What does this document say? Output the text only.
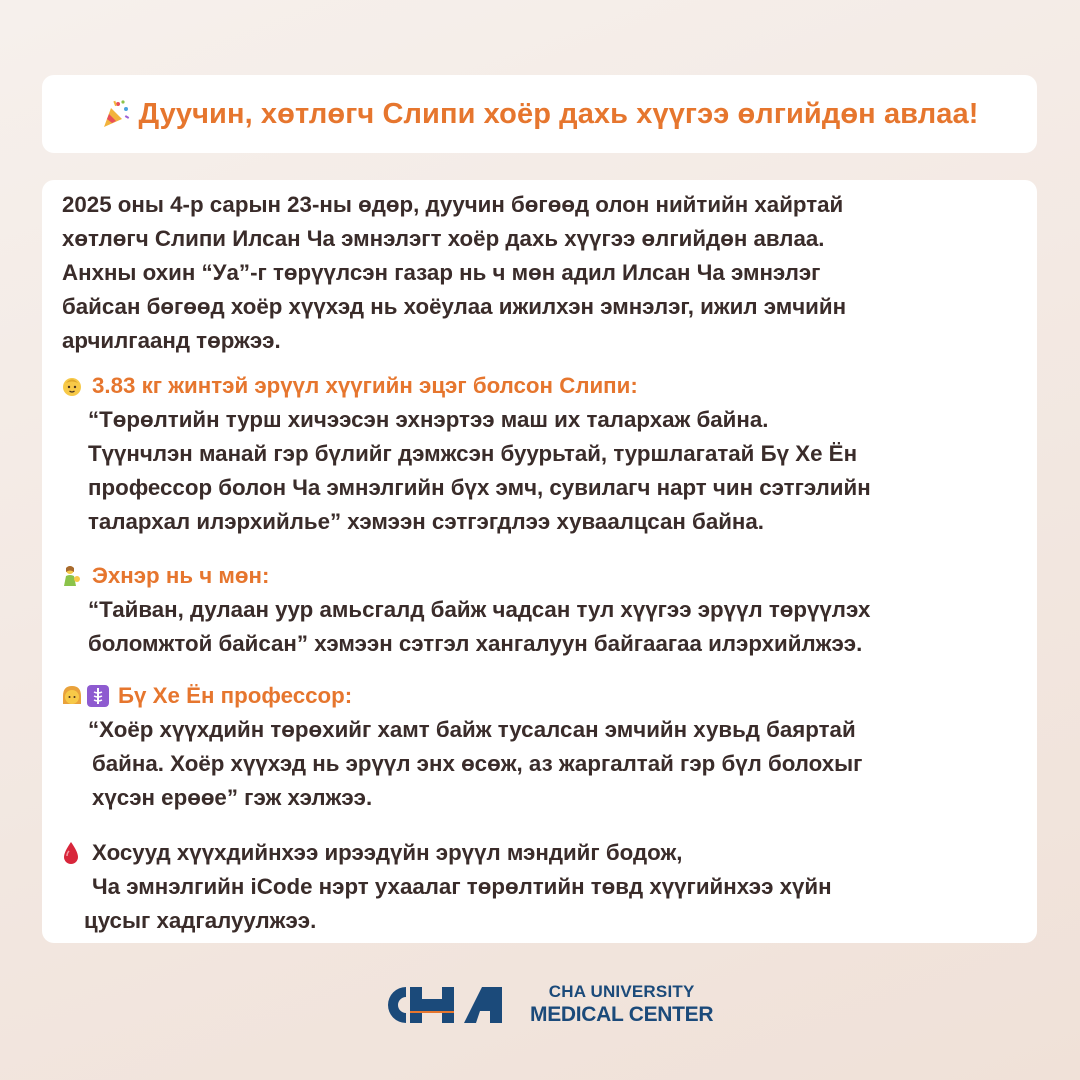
Дуучин, хөтлөгч Слипи хоёр дахь хүүгээ өлгийдөн авлаа!
2025 оны 4-р сарын 23-ны өдөр, дуучин бөгөөд олон нийтийн хайртай
хөтлөгч Слипи Илсан Ча эмнэлэгт хоёр дахь хүүгээ өлгийдөн авлаа.
Анхны охин “Уа”-г төрүүлсэн газар нь ч мөн адил Илсан Ча эмнэлэг
байсан бөгөөд хоёр хүүхэд нь хоёулаа ижилхэн эмнэлэг, ижил эмчийн
арчилгаанд төржээ.
3.83 кг жинтэй эрүүл хүүгийн эцэг болсон Слипи:
“Төрөлтийн турш хичээсэн эхнэртээ маш их талархаж байна.
Түүнчлэн манай гэр бүлийг дэмжсэн буурьтай, туршлагатай Бү Хе Ён
профессор болон Ча эмнэлгийн бүх эмч, сувилагч нарт чин сэтгэлийн
талархал илэрхийлье” хэмээн сэтгэгдлээ хуваалцсан байна.
Эхнэр нь ч мөн:
“Тайван, дулаан уур амьсгалд байж чадсан тул хүүгээ эрүүл төрүүлэх
боломжтой байсан” хэмээн сэтгэл хангалуун байгаагаа илэрхийлжээ.
Бү Хе Ён профессор:
“Хоёр хүүхдийн төрөхийг хамт байж тусалсан эмчийн хувьд баяртай
байна. Хоёр хүүхэд нь эрүүл энх өсөж, аз жаргалтай гэр бүл болохыг
хүсэн ерөөе” гэж хэлжээ.
Хосууд хүүхдийнхээ ирээдүйн эрүүл мэндийг бодож,
Ча эмнэлгийн iCode нэрт ухаалаг төрөлтийн төвд хүүгийнхээ хүйн
цусыг хадгалуулжээ.
CHA UNIVERSITY
MEDICAL CENTER
